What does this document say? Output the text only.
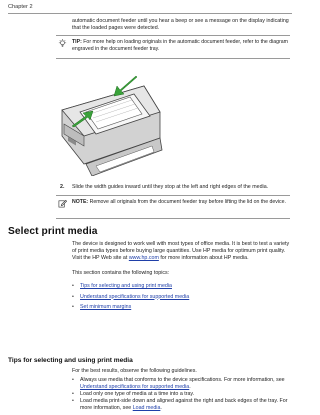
Chapter 2
automatic document feeder until you hear a beep or see a message on the display indicating that the loaded pages were detected.
TIP: For more help on loading originals in the automatic document feeder, refer to the diagram engraved in the document feeder tray.
2. Slide the width guides inward until they stop at the left and right edges of the media.
NOTE: Remove all originals from the document feeder tray before lifting the lid on the device.
Select print media
The device is designed to work well with most types of office media. It is best to test a variety of print media types before buying large quantities. Use HP media for optimum print quality. Visit the HP Web site at www.hp.com for more information about HP media.
This section contains the following topics:
• Tips for selecting and using print media
• Understand specifications for supported media
• Set minimum margins
Tips for selecting and using print media
For the best results, observe the following guidelines.
• Always use media that conforms to the device specifications. For more information, see Understand specifications for supported media.
• Load only one type of media at a time into a tray.
• Load media print-side down and aligned against the right and back edges of the tray. For more information, see Load media.
